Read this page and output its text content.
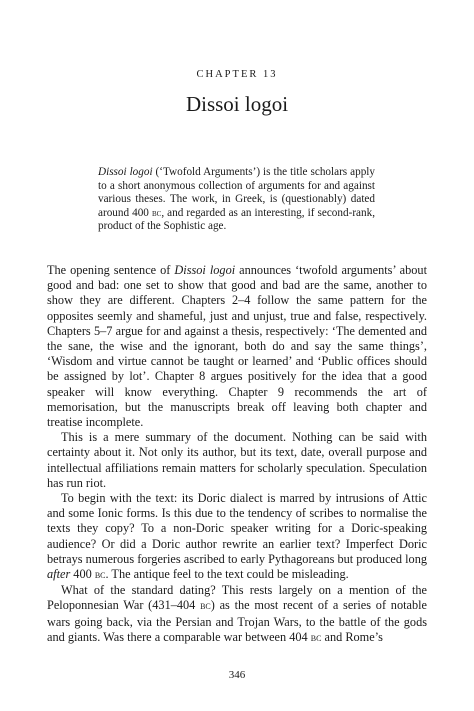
CHAPTER 13
Dissoi logoi
Dissoi logoi (‘Twofold Arguments’) is the title scholars apply to a short anonymous collection of arguments for and against various theses. The work, in Greek, is (questionably) dated around 400 bc, and regarded as an interesting, if second-rank, product of the Sophistic age.

The opening sentence of Dissoi logoi announces ‘twofold arguments’ about good and bad: one set to show that good and bad are the same, another to show they are different. Chapters 2–4 follow the same pattern for the opposites seemly and shameful, just and unjust, true and false, respectively. Chapters 5–7 argue for and against a thesis, respectively: ‘The demented and the sane, the wise and the ignorant, both do and say the same things’, ‘Wisdom and virtue cannot be taught or learned’ and ‘Public offices should be assigned by lot’. Chapter 8 argues positively for the idea that a good speaker will know everything. Chapter 9 recommends the art of memorisation, but the manuscripts break off leaving both chapter and treatise incomplete.

This is a mere summary of the document. Nothing can be said with certainty about it. Not only its author, but its text, date, overall purpose and intellectual affiliations remain matters for scholarly speculation. Speculation has run riot.

To begin with the text: its Doric dialect is marred by intrusions of Attic and some Ionic forms. Is this due to the tendency of scribes to normalise the texts they copy? To a non-Doric speaker writing for a Doric-speaking audience? Or did a Doric author rewrite an earlier text? Imperfect Doric betrays numerous forgeries ascribed to early Pythagoreans but produced long after 400 bc. The antique feel to the text could be misleading.

What of the standard dating? This rests largely on a mention of the Peloponnesian War (431–404 bc) as the most recent of a series of notable wars going back, via the Persian and Trojan Wars, to the battle of the gods and giants. Was there a comparable war between 404 bc and Rome’s

346
